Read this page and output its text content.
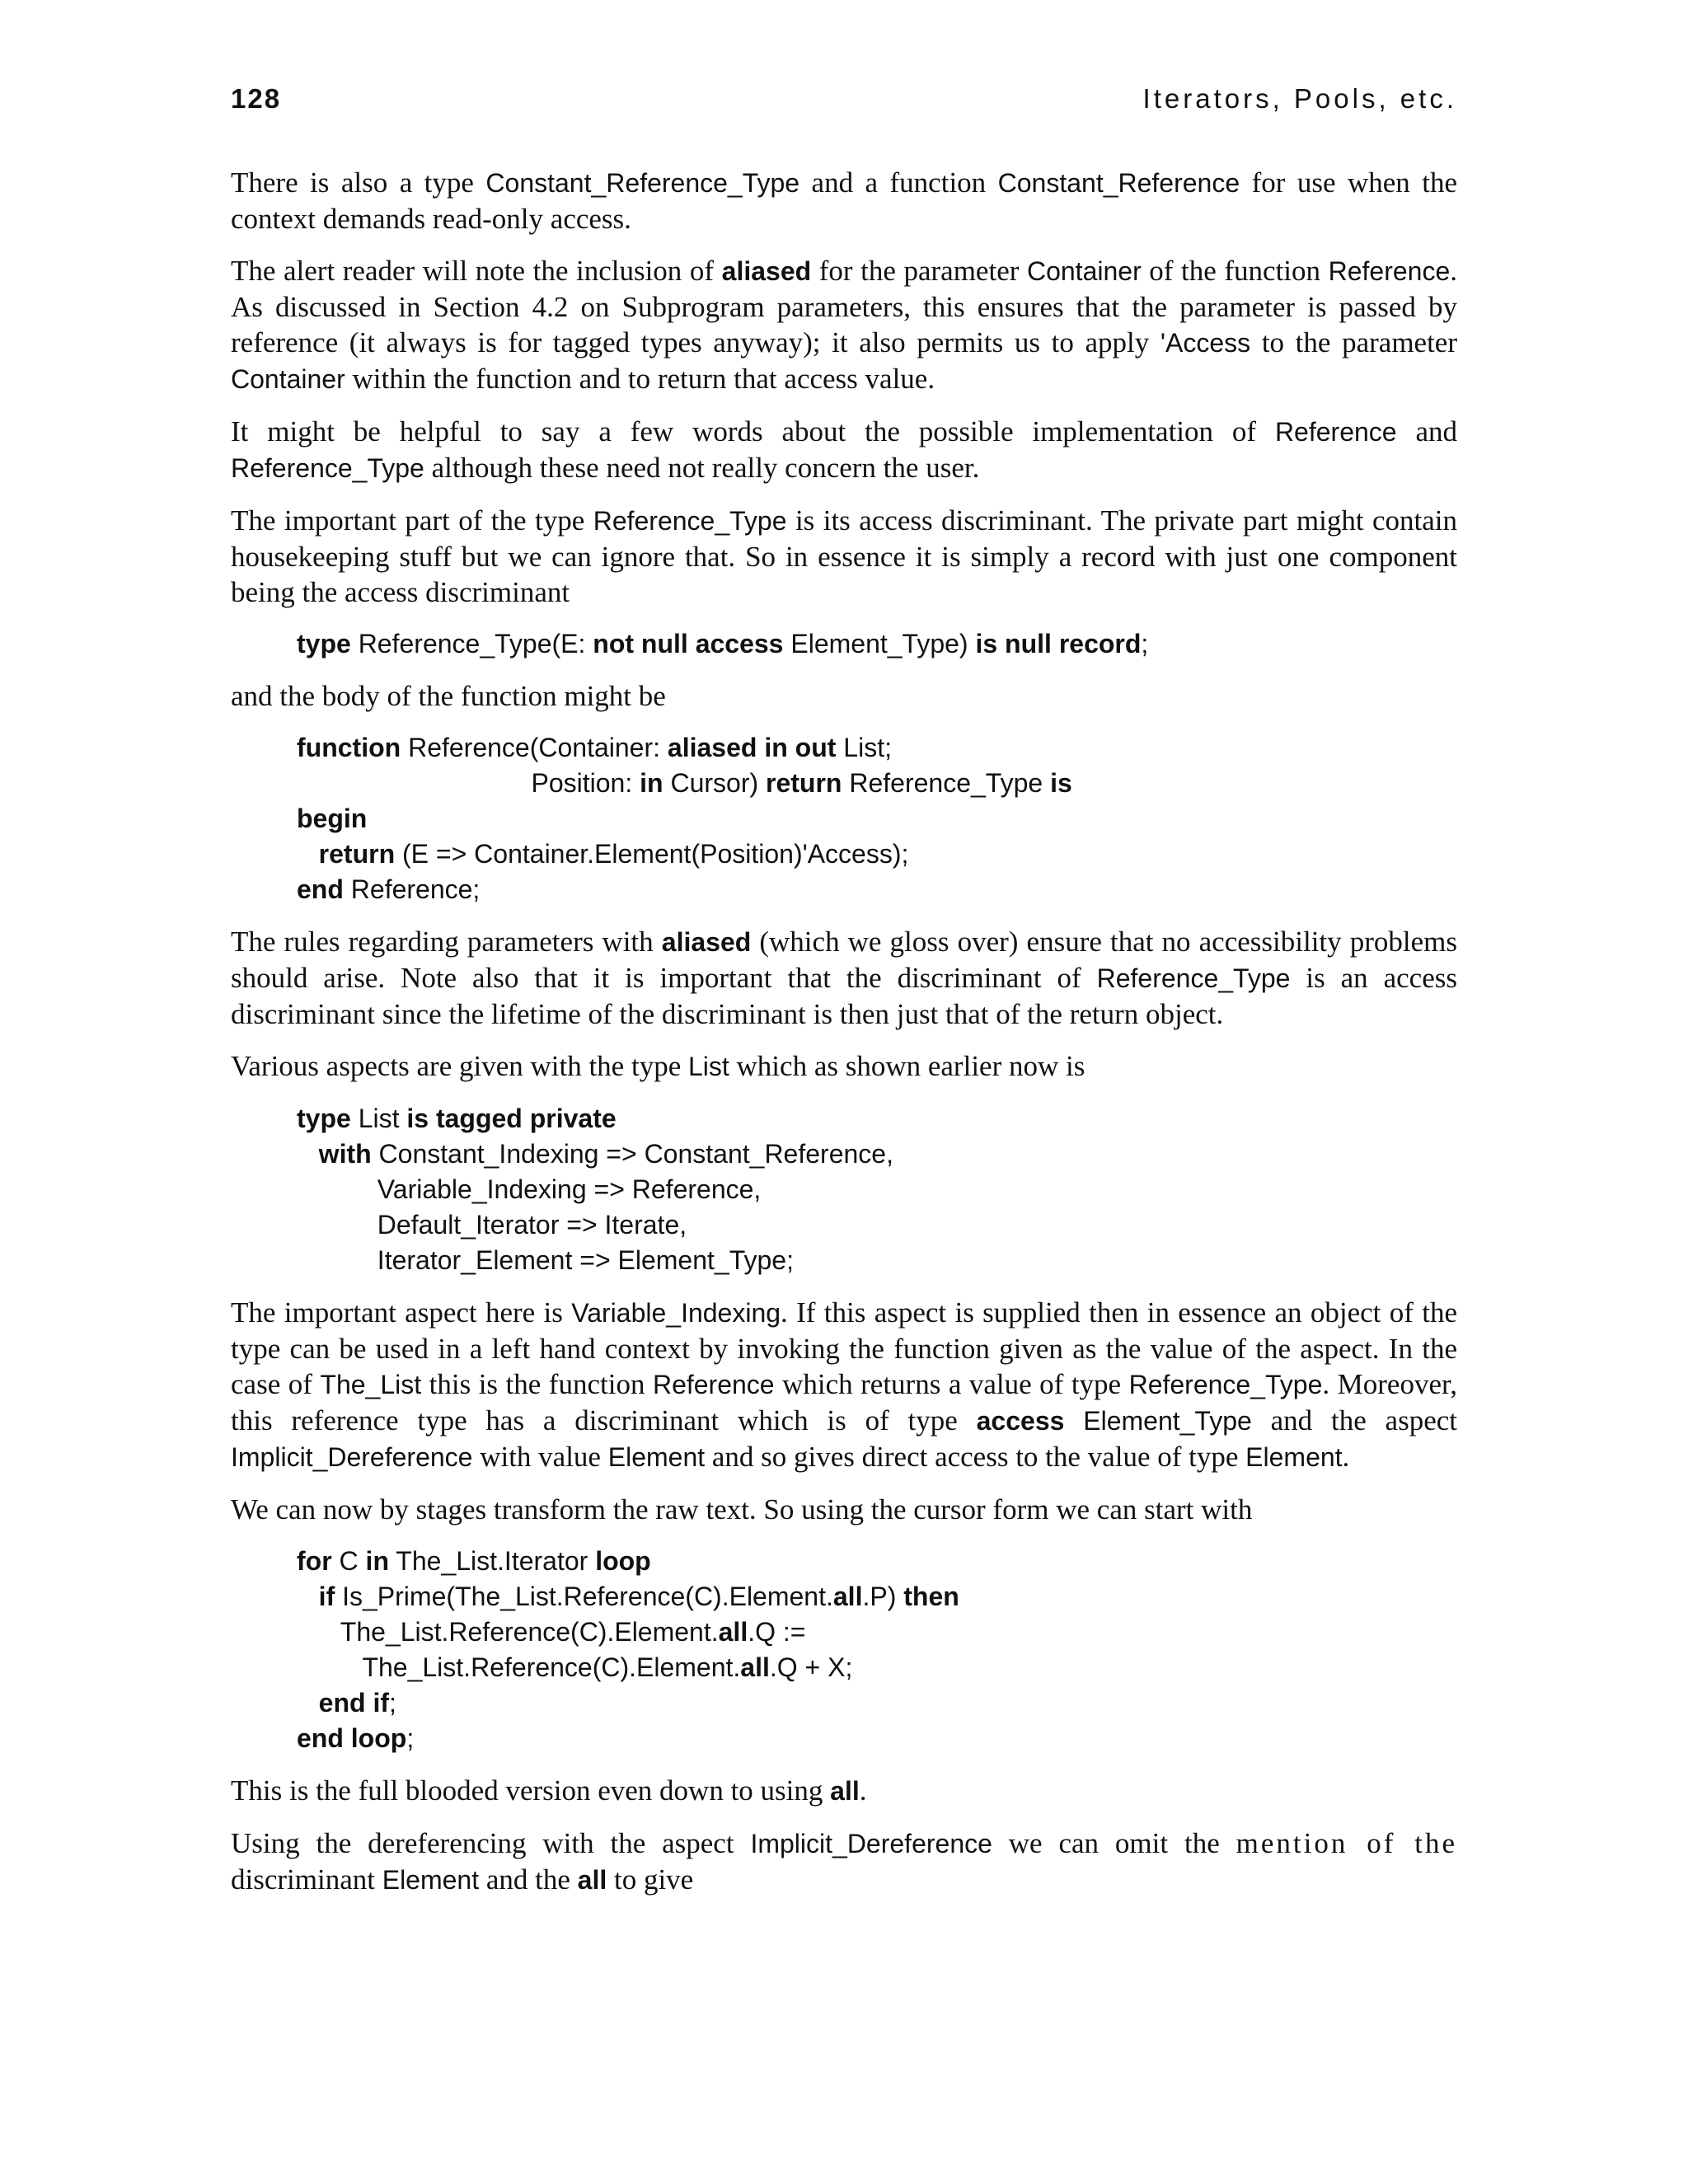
128	Iterators, Pools, etc.

There is also a type Constant_Reference_Type and a function Constant_Reference for use when the context demands read-only access.

The alert reader will note the inclusion of aliased for the parameter Container of the function Reference. As discussed in Section 4.2 on Subprogram parameters, this ensures that the parameter is passed by reference (it always is for tagged types anyway); it also permits us to apply 'Access to the parameter Container within the function and to return that access value.

It might be helpful to say a few words about the possible implementation of Reference and Reference_Type although these need not really concern the user.

The important part of the type Reference_Type is its access discriminant. The private part might contain housekeeping stuff but we can ignore that. So in essence it is simply a record with just one component being the access discriminant

type Reference_Type(E: not null access Element_Type) is null record;

and the body of the function might be

function Reference(Container: aliased in out List;
Position: in Cursor) return Reference_Type is
begin
return (E => Container.Element(Position)'Access);
end Reference;

The rules regarding parameters with aliased (which we gloss over) ensure that no accessibility problems should arise. Note also that it is important that the discriminant of Reference_Type is an access discriminant since the lifetime of the discriminant is then just that of the return object.

Various aspects are given with the type List which as shown earlier now is

type List is tagged private
with Constant_Indexing => Constant_Reference,
Variable_Indexing => Reference,
Default_Iterator => Iterate,
Iterator_Element => Element_Type;

The important aspect here is Variable_Indexing. If this aspect is supplied then in essence an object of the type can be used in a left hand context by invoking the function given as the value of the aspect. In the case of The_List this is the function Reference which returns a value of type Reference_Type. Moreover, this reference type has a discriminant which is of type access Element_Type and the aspect Implicit_Dereference with value Element and so gives direct access to the value of type Element.

We can now by stages transform the raw text. So using the cursor form we can start with

for C in The_List.Iterator loop
if Is_Prime(The_List.Reference(C).Element.all.P) then
The_List.Reference(C).Element.all.Q :=
The_List.Reference(C).Element.all.Q + X;
end if;
end loop;

This is the full blooded version even down to using all.

Using the dereferencing with the aspect Implicit_Dereference we can omit the mention of the discriminant Element and the all to give
